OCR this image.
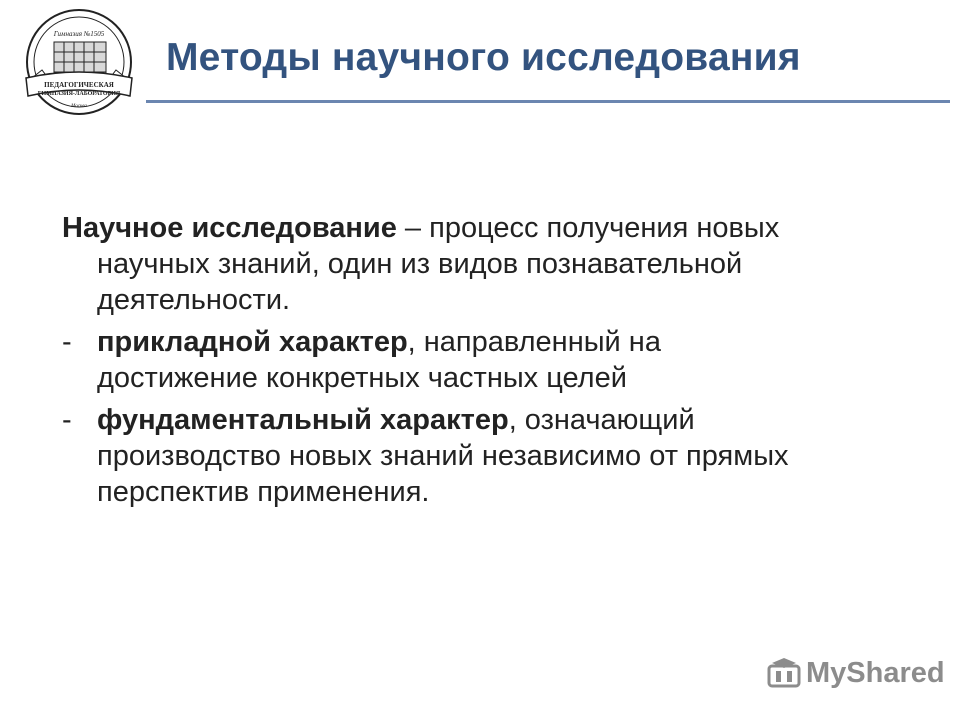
ПЕДАГОГИЧЕСКАЯ
ГИМНАЗИЯ-ЛАБОРАТОРИЯ
Гимназия №1505
Москва
Методы научного исследования

Научное исследование – процесс получения новых научных знаний, один из видов познавательной деятельности.

- прикладной характер, направленный на достижение конкретных частных целей

- фундаментальный характер, означающий производство новых знаний независимо от прямых перспектив применения.

MyShared
